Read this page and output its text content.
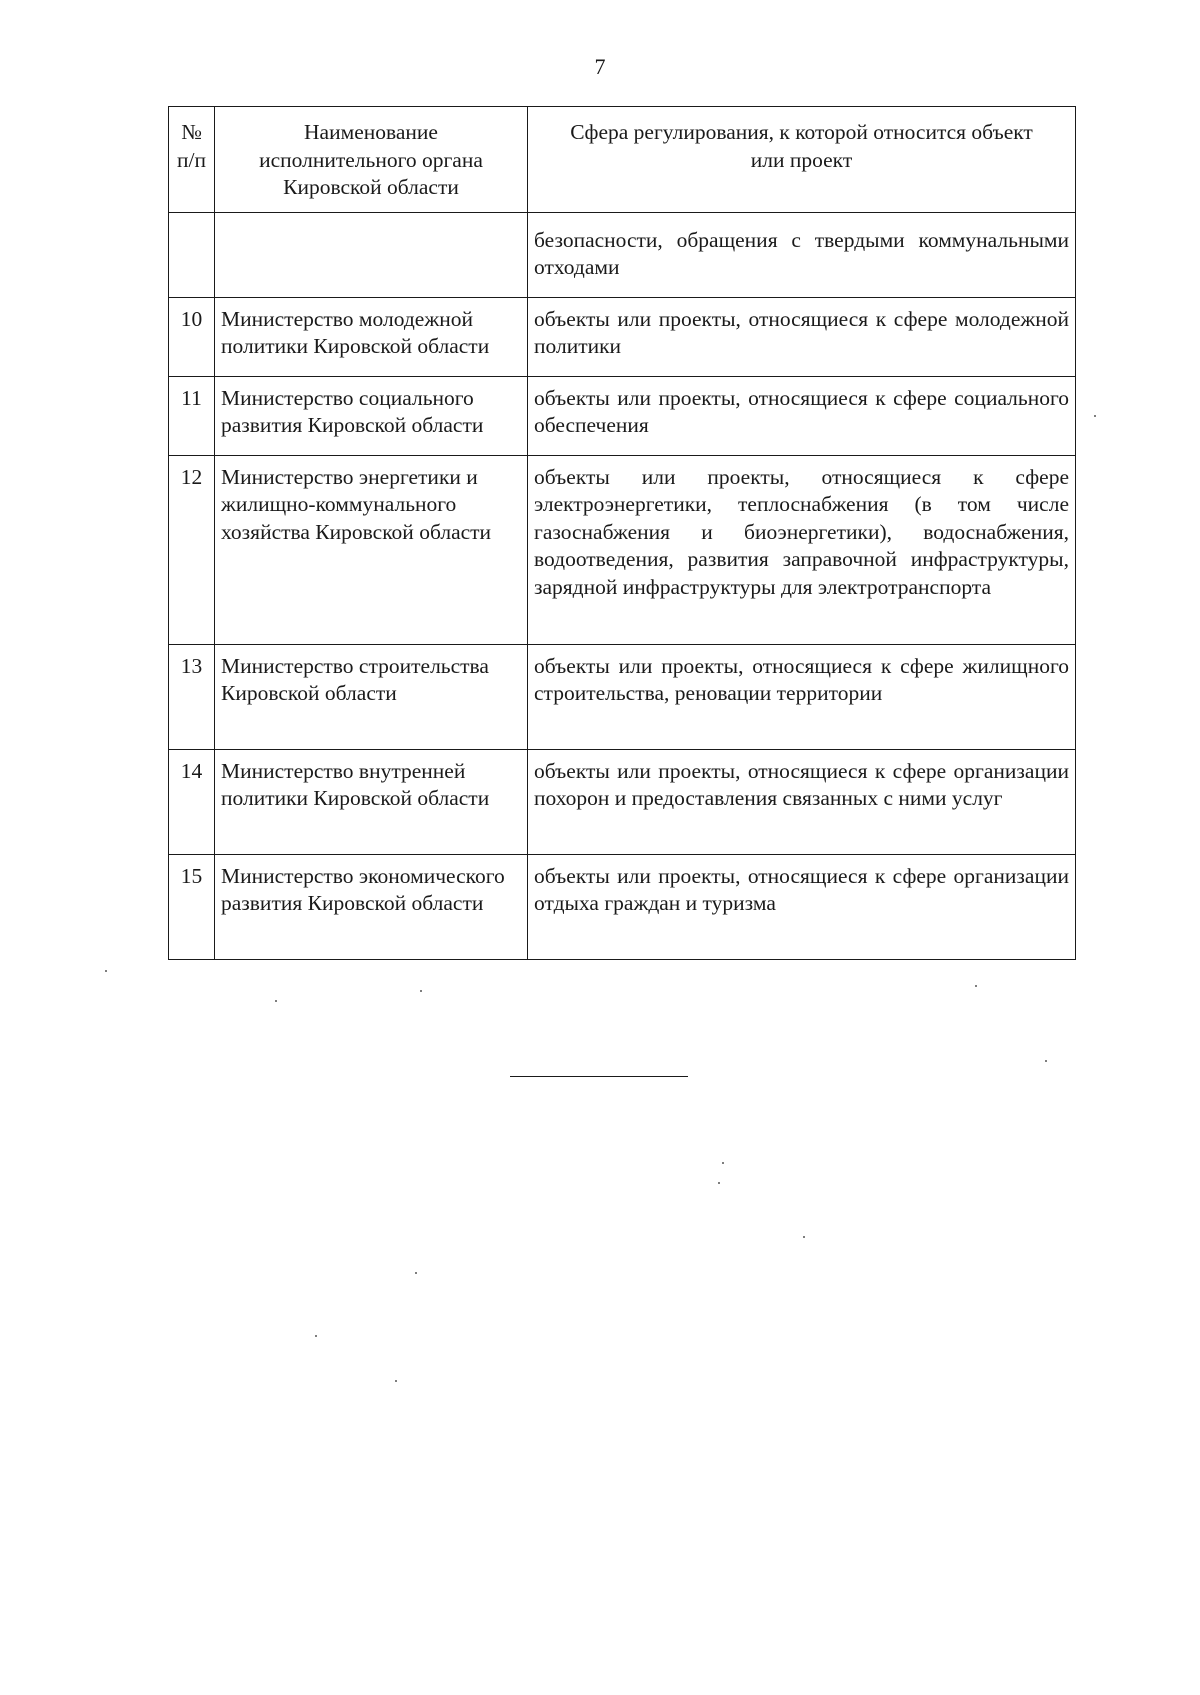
7
№ п/п	Наименование исполнительного органа Кировской области	Сфера регулирования, к которой относится объект или проект
		безопасности, обращения с твердыми коммунальными отходами
10	Министерство молодежной политики Кировской области	объекты или проекты, относящиеся к сфере молодежной политики
11	Министерство социального развития Кировской области	объекты или проекты, относящиеся к сфере социального обеспечения
12	Министерство энергетики и жилищно-коммунального хозяйства Кировской области	объекты или проекты, относящиеся к сфере электроэнергетики, теплоснабжения (в том числе газоснабжения и биоэнергетики), водоснабжения, водоотведения, развития заправочной инфраструктуры, зарядной инфраструктуры для электротранспорта
13	Министерство строительства Кировской области	объекты или проекты, относящиеся к сфере жилищного строительства, реновации территории
14	Министерство внутренней политики Кировской области	объекты или проекты, относящиеся к сфере организации похорон и предоставления связанных с ними услуг
15	Министерство экономического развития Кировской области	объекты или проекты, относящиеся к сфере организации отдыха граждан и туризма
